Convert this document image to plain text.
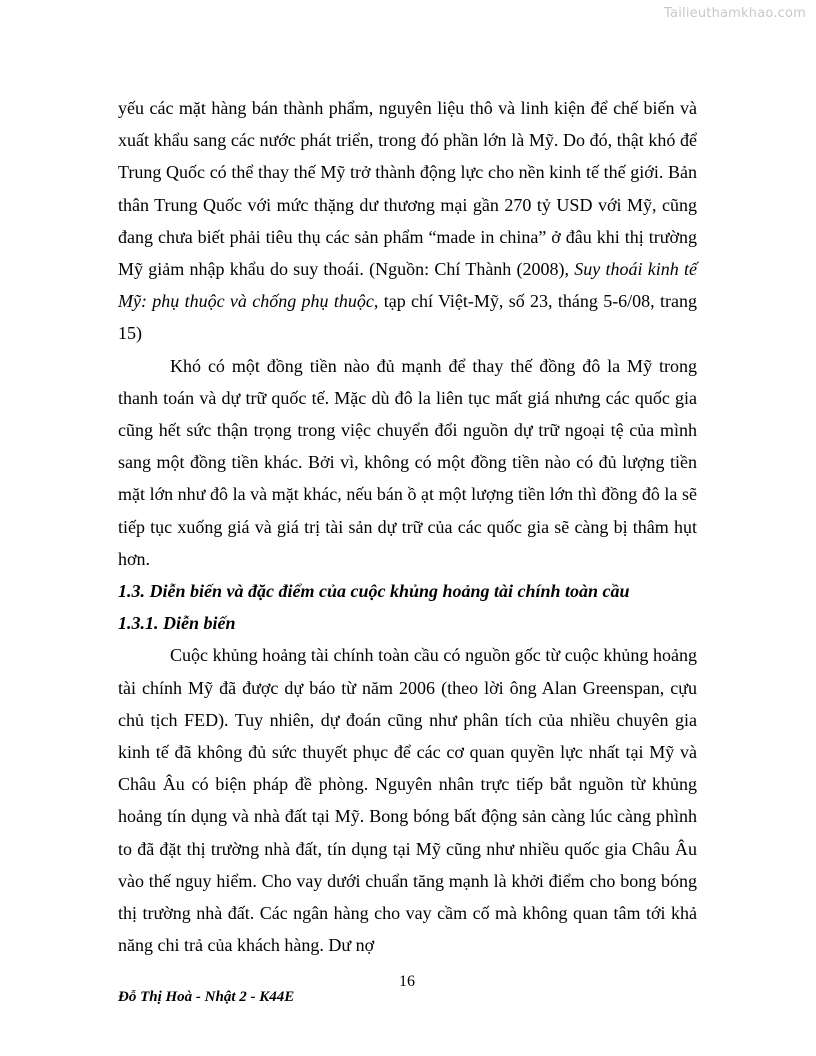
Tailieuthamkhao.com

yếu các mặt hàng bán thành phẩm, nguyên liệu thô và linh kiện để chế biến và xuất khẩu sang các nước phát triển, trong đó phần lớn là Mỹ. Do đó, thật khó để Trung Quốc có thể thay thế Mỹ trở thành động lực cho nền kinh tế thế giới. Bản thân Trung Quốc với mức thặng dư thương mại gần 270 tỷ USD với Mỹ, cũng đang chưa biết phải tiêu thụ các sản phẩm “made in china” ở đâu khi thị trường Mỹ giảm nhập khẩu do suy thoái. (Nguồn: Chí Thành (2008), Suy thoái kinh tế Mỹ: phụ thuộc và chống phụ thuộc, tạp chí Việt-Mỹ, số 23, tháng 5-6/08, trang 15)

Khó có một đồng tiền nào đủ mạnh để thay thế đồng đô la Mỹ trong thanh toán và dự trữ quốc tế. Mặc dù đô la liên tục mất giá nhưng các quốc gia cũng hết sức thận trọng trong việc chuyển đổi nguồn dự trữ ngoại tệ của mình sang một đồng tiền khác. Bởi vì, không có một đồng tiền nào có đủ lượng tiền mặt lớn như đô la và mặt khác, nếu bán ồ ạt một lượng tiền lớn thì đồng đô la sẽ tiếp tục xuống giá và giá trị tài sản dự trữ của các quốc gia sẽ càng bị thâm hụt hơn.

1.3. Diễn biến và đặc điểm của cuộc khủng hoảng tài chính toàn cầu

1.3.1. Diễn biến

Cuộc khủng hoảng tài chính toàn cầu có nguồn gốc từ cuộc khủng hoảng tài chính Mỹ đã được dự báo từ năm 2006 (theo lời ông Alan Greenspan, cựu chủ tịch FED). Tuy nhiên, dự đoán cũng như phân tích của nhiều chuyên gia kinh tế đã không đủ sức thuyết phục để các cơ quan quyền lực nhất tại Mỹ và Châu Âu có biện pháp đề phòng. Nguyên nhân trực tiếp bắt nguồn từ khủng hoảng tín dụng và nhà đất tại Mỹ. Bong bóng bất động sản càng lúc càng phình to đã đặt thị trường nhà đất, tín dụng tại Mỹ cũng như nhiều quốc gia Châu Âu vào thế nguy hiểm. Cho vay dưới chuẩn tăng mạnh là khởi điểm cho bong bóng thị trường nhà đất. Các ngân hàng cho vay cầm cố mà không quan tâm tới khả năng chi trả của khách hàng. Dư nợ

16
Đỗ Thị Hoà - Nhật 2 - K44E
